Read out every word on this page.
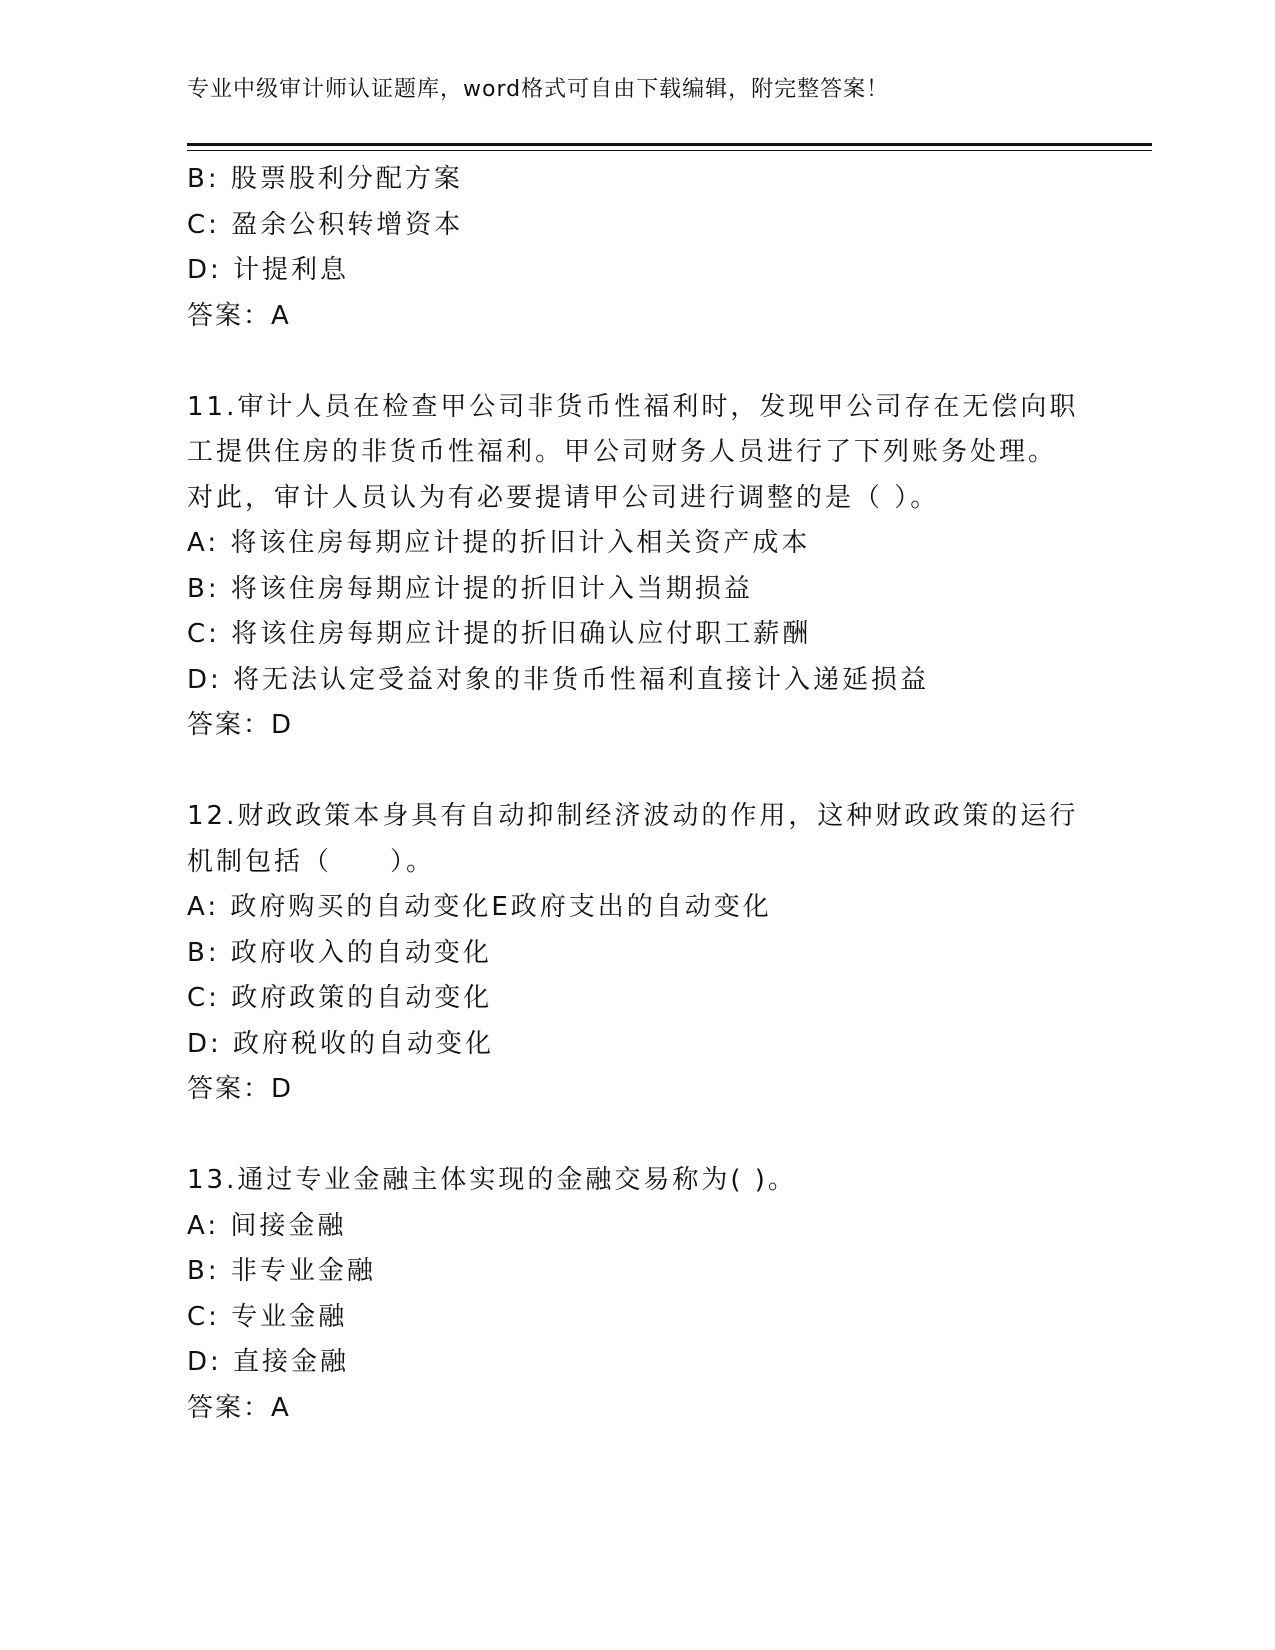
专业中级审计师认证题库，word格式可自由下载编辑，附完整答案！
B: 股票股利分配方案
C: 盈余公积转增资本
D: 计提利息
答案：A
11.审计人员在检查甲公司非货币性福利时，发现甲公司存在无偿向职
工提供住房的非货币性福利。甲公司财务人员进行了下列账务处理。
对此，审计人员认为有必要提请甲公司进行调整的是（ ）。
A: 将该住房每期应计提的折旧计入相关资产成本
B: 将该住房每期应计提的折旧计入当期损益
C: 将该住房每期应计提的折旧确认应付职工薪酬
D: 将无法认定受益对象的非货币性福利直接计入递延损益
答案：D
12.财政政策本身具有自动抑制经济波动的作用，这种财政政策的运行
机制包括（　　）。
A: 政府购买的自动变化E政府支出的自动变化
B: 政府收入的自动变化
C: 政府政策的自动变化
D: 政府税收的自动变化
答案：D
13.通过专业金融主体实现的金融交易称为( )。
A: 间接金融
B: 非专业金融
C: 专业金融
D: 直接金融
答案：A
